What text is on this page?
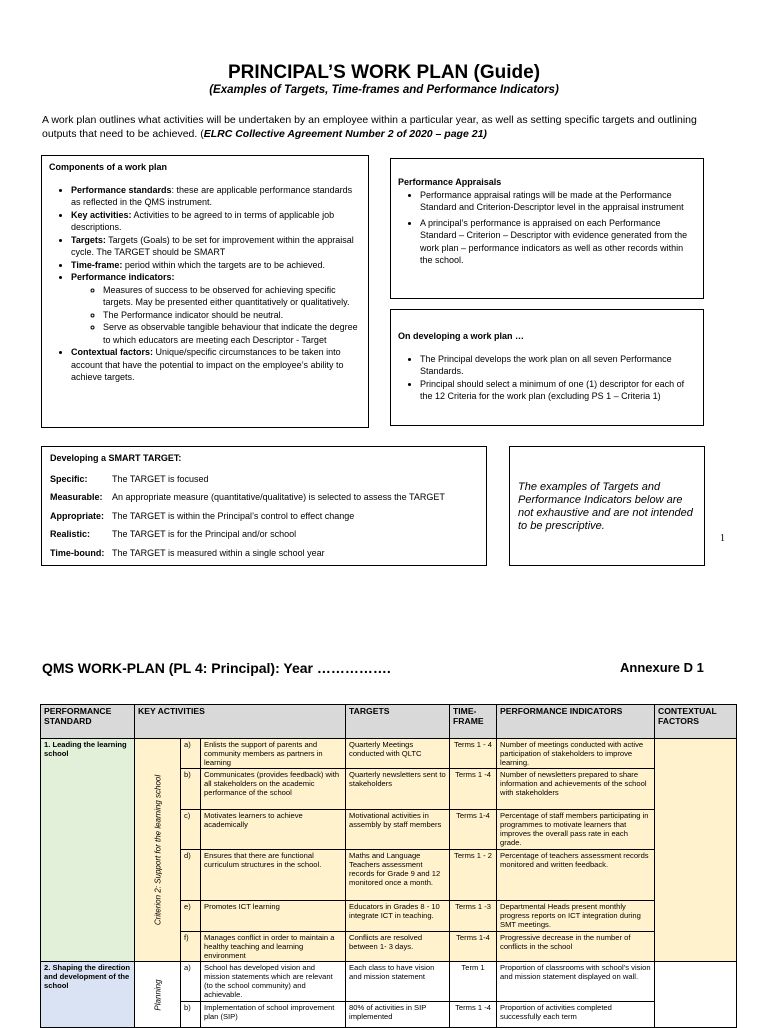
PRINCIPAL’S WORK PLAN (Guide)
(Examples of Targets, Time-frames and Performance Indicators)
A work plan outlines what activities will be undertaken by an employee within a particular year, as well as setting specific targets and outlining outputs that need to be achieved. (ELRC Collective Agreement Number 2 of 2020 – page 21)
Components of a work plan
• Performance standards: these are applicable performance standards as reflected in the QMS instrument.
• Key activities: Activities to be agreed to in terms of applicable job descriptions.
• Targets: Targets (Goals) to be set for improvement within the appraisal cycle. The TARGET should be SMART
• Time-frame: period within which the targets are to be achieved.
• Performance indicators:
◦ Measures of success to be observed for achieving specific targets. May be presented either quantitatively or qualitatively.
◦ The Performance indicator should be neutral.
◦ Serve as observable tangible behaviour that indicate the degree to which educators are meeting each Descriptor - Target
• Contextual factors: Unique/specific circumstances to be taken into account that have the potential to impact on the employee’s ability to achieve targets.
Performance Appraisals
• Performance appraisal ratings will be made at the Performance Standard and Criterion-Descriptor level in the appraisal instrument
• A principal’s performance is appraised on each Performance Standard – Criterion – Descriptor with evidence generated from the work plan – performance indicators as well as other records within the school.
On developing a work plan …
• The Principal develops the work plan on all seven Performance Standards.
• Principal should select a minimum of one (1) descriptor for each of the 12 Criteria for the work plan (excluding PS 1 – Criteria 1)
Developing a SMART TARGET:
Specific:	The TARGET is focused
Measurable:	An appropriate measure (quantitative/qualitative) is selected to assess the TARGET
Appropriate: The TARGET is within the Principal’s control to effect change
Realistic:	The TARGET is for the Principal and/or school
Time-bound: The TARGET is measured within a single school year
The examples of Targets and Performance Indicators below are not exhaustive and are not intended to be prescriptive.
1
QMS WORK-PLAN (PL 4: Principal): Year …………….	Annexure D 1
PERFORMANCE STANDARD	KEY ACTIVITIES			TARGETS	TIME-FRAME	PERFORMANCE INDICATORS	CONTEXTUAL FACTORS
1. Leading the learning school	Criterion 2: Support for the learning school	a)	Enlists the support of parents and community members as partners in learning	Quarterly Meetings conducted with QLTC	Terms 1 - 4	Number of meetings conducted with active participation of stakeholders to improve learning.	
		b)	Communicates (provides feedback) with all stakeholders on the academic performance of the school	Quarterly newsletters sent to stakeholders	Terms 1 -4	Number of newsletters prepared to share information and achievements of the school with stakeholders	
		c)	Motivates learners to achieve academically	Motivational activities in assembly by staff members	Terms 1-4	Percentage of staff members participating in programmes to motivate learners that improves the overall pass rate in each grade.	
		d)	Ensures that there are functional curriculum structures in the school.	Maths and Language Teachers assessment records for Grade 9 and 12 monitored once a month.	Terms 1 - 2	Percentage of teachers assessment records monitored and written feedback.	
		e)	Promotes ICT learning	Educators in Grades 8 - 10 integrate ICT in teaching.	Terms 1 -3	Departmental Heads present monthly progress reports on ICT integration during SMT meetings.	
		f)	Manages conflict in order to maintain a healthy teaching and learning environment	Conflicts are resolved between 1- 3 days.	Terms 1-4	Progressive decrease in the number of conflicts in the school	
2. Shaping the direction and development of the school	Planning	a)	School has developed vision and mission statements which are relevant (to the school community) and achievable.	Each class to have vision and mission statement	Term 1	Proportion of classrooms with school’s vision and mission statement displayed on wall.	
		b)	Implementation of school improvement plan (SIP)	80% of activities in SIP implemented	Terms 1 -4	Proportion of activities completed successfully each term	
